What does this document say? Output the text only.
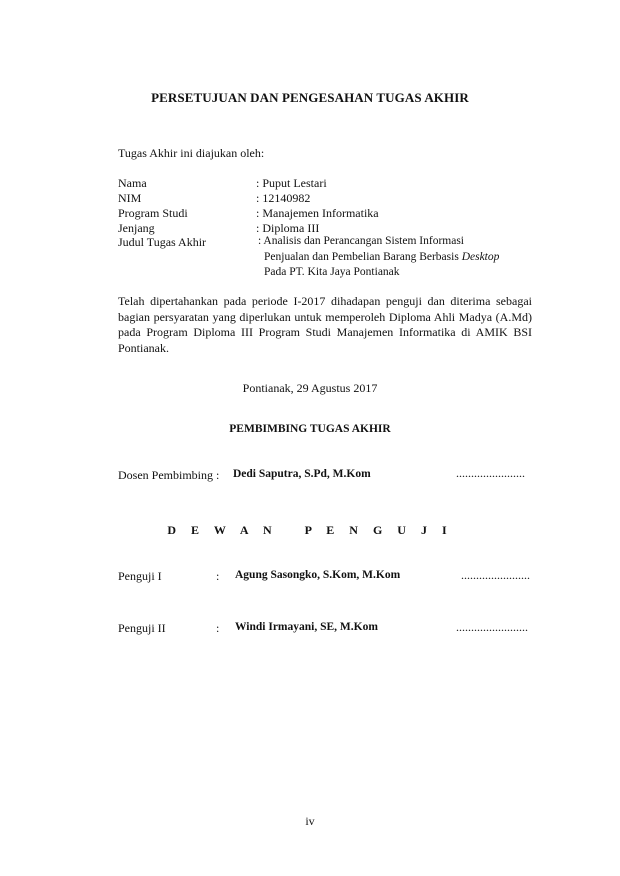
PERSETUJUAN DAN PENGESAHAN TUGAS AKHIR
Tugas Akhir ini diajukan oleh:
Nama	: Puput Lestari
NIM	: 12140982
Program Studi	: Manajemen Informatika
Jenjang	: Diploma III
Judul Tugas Akhir	: Analisis dan Perancangan Sistem Informasi
Penjualan dan Pembelian Barang Berbasis Desktop
Pada PT. Kita Jaya Pontianak
Telah dipertahankan pada periode I-2017 dihadapan penguji dan diterima sebagai bagian persyaratan yang diperlukan untuk memperoleh Diploma Ahli Madya (A.Md) pada Program Diploma III Program Studi Manajemen Informatika di AMIK BSI Pontianak.
Pontianak, 29 Agustus 2017
PEMBIMBING TUGAS AKHIR
Dosen Pembimbing : Dedi Saputra, S.Pd, M.Kom	.......................
D E W A N   P E N G U J I
Penguji I	: Agung Sasongko, S.Kom, M.Kom	.......................
Penguji II	: Windi Irmayani, SE, M.Kom	........................
iv
